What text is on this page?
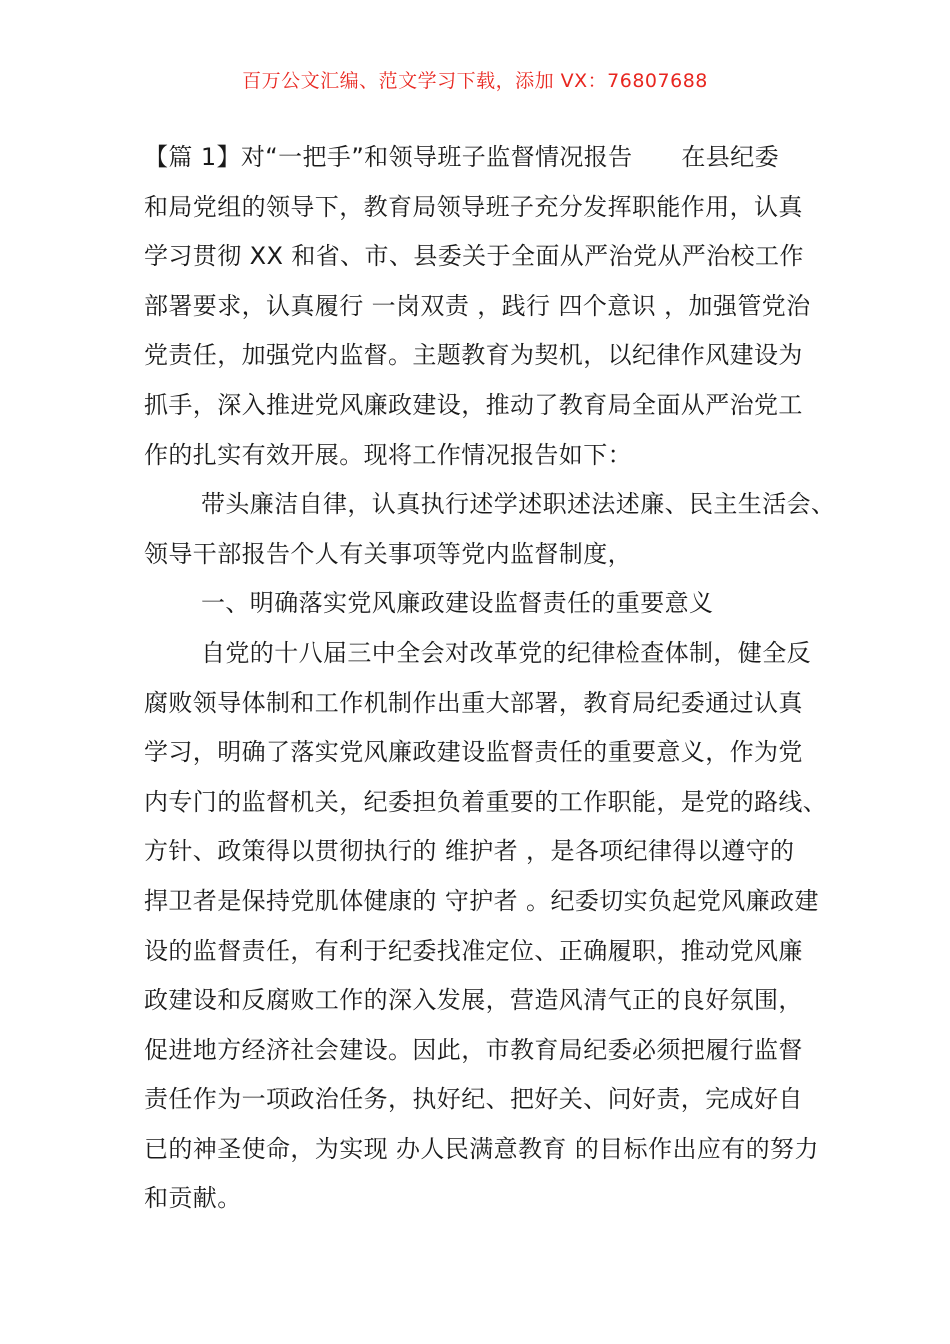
百万公文汇编、范文学习下载，添加 VX：76807688
【篇 1】对“一把手”和领导班子监督情况报告　　在县纪委
和局党组的领导下，教育局领导班子充分发挥职能作用，认真
学习贯彻 XX 和省、市、县委关于全面从严治党从严治校工作
部署要求，认真履行 一岗双责 ，践行 四个意识 ，加强管党治
党责任，加强党内监督。主题教育为契机，以纪律作风建设为
抓手，深入推进党风廉政建设，推动了教育局全面从严治党工
作的扎实有效开展。现将工作情况报告如下：
带头廉洁自律，认真执行述学述职述法述廉、民主生活会、
领导干部报告个人有关事项等党内监督制度，
一、明确落实党风廉政建设监督责任的重要意义
自党的十八届三中全会对改革党的纪律检查体制，健全反
腐败领导体制和工作机制作出重大部署，教育局纪委通过认真
学习，明确了落实党风廉政建设监督责任的重要意义，作为党
内专门的监督机关，纪委担负着重要的工作职能，是党的路线、
方针、政策得以贯彻执行的 维护者 ，是各项纪律得以遵守的
捍卫者是保持党肌体健康的 守护者 。纪委切实负起党风廉政建
设的监督责任，有利于纪委找准定位、正确履职，推动党风廉
政建设和反腐败工作的深入发展，营造风清气正的良好氛围，
促进地方经济社会建设。因此，市教育局纪委必须把履行监督
责任作为一项政治任务，执好纪、把好关、问好责，完成好自
已的神圣使命，为实现 办人民满意教育 的目标作出应有的努力
和贡献。
